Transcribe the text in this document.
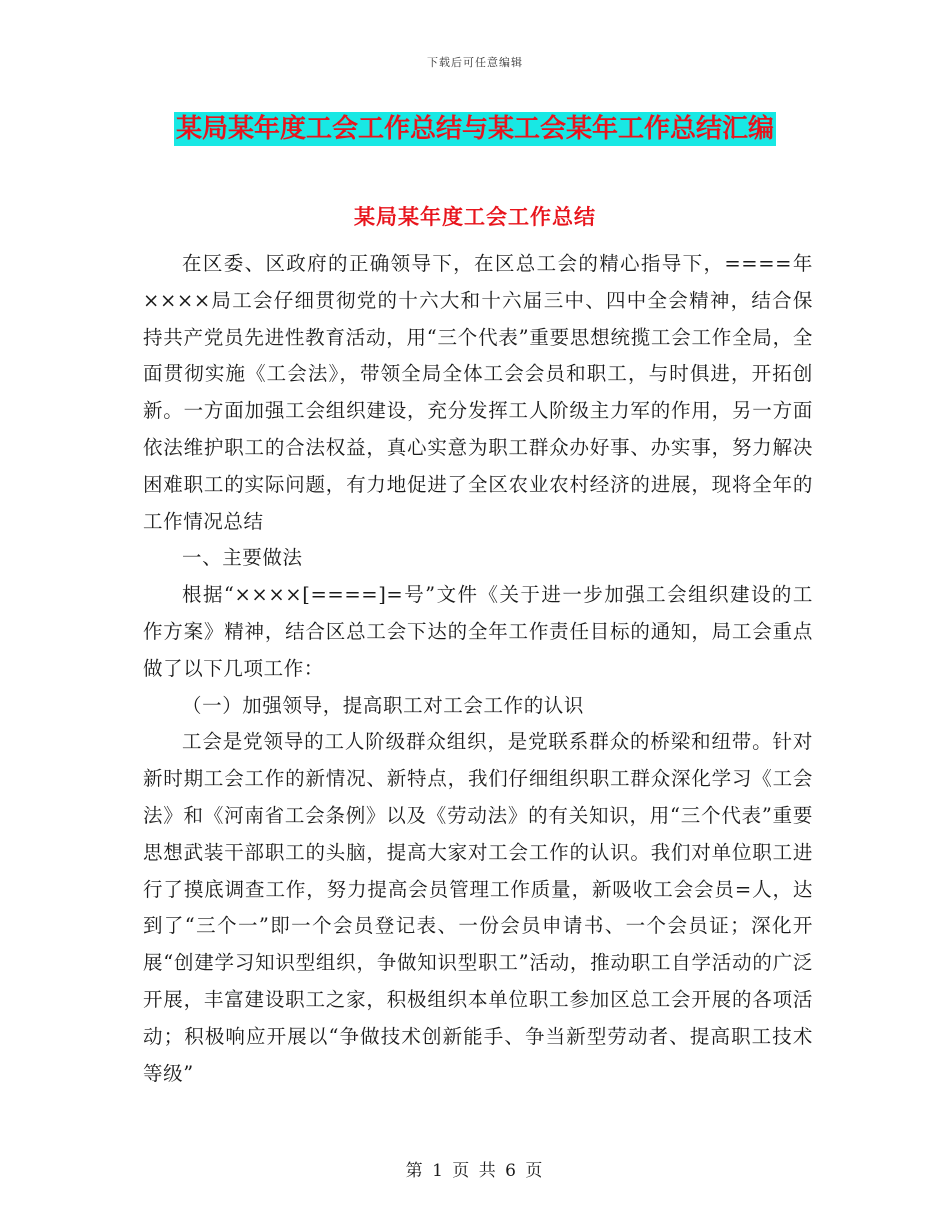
下载后可任意编辑
某局某年度工会工作总结与某工会某年工作总结汇编
某局某年度工会工作总结

在区委、区政府的正确领导下，在区总工会的精心指导下，====年××××局工会仔细贯彻党的十六大和十六届三中、四中全会精神，结合保持共产党员先进性教育活动，用“三个代表”重要思想统揽工会工作全局，全面贯彻实施《工会法》，带领全局全体工会会员和职工，与时俱进，开拓创新。一方面加强工会组织建设，充分发挥工人阶级主力军的作用，另一方面依法维护职工的合法权益，真心实意为职工群众办好事、办实事，努力解决困难职工的实际问题，有力地促进了全区农业农村经济的进展，现将全年的工作情况总结

一、主要做法

根据“××××[====]=号”文件《关于进一步加强工会组织建设的工作方案》精神，结合区总工会下达的全年工作责任目标的通知，局工会重点做了以下几项工作：

（一）加强领导，提高职工对工会工作的认识

工会是党领导的工人阶级群众组织，是党联系群众的桥梁和纽带。针对新时期工会工作的新情况、新特点，我们仔细组织职工群众深化学习《工会法》和《河南省工会条例》以及《劳动法》的有关知识，用“三个代表”重要思想武装干部职工的头脑，提高大家对工会工作的认识。我们对单位职工进行了摸底调查工作，努力提高会员管理工作质量，新吸收工会会员=人，达到了“三个一”即一个会员登记表、一份会员申请书、一个会员证；深化开展“创建学习知识型组织，争做知识型职工”活动，推动职工自学活动的广泛开展，丰富建设职工之家，积极组织本单位职工参加区总工会开展的各项活动；积极响应开展以“争做技术创新能手、争当新型劳动者、提高职工技术等级”

第 1 页 共 6 页
